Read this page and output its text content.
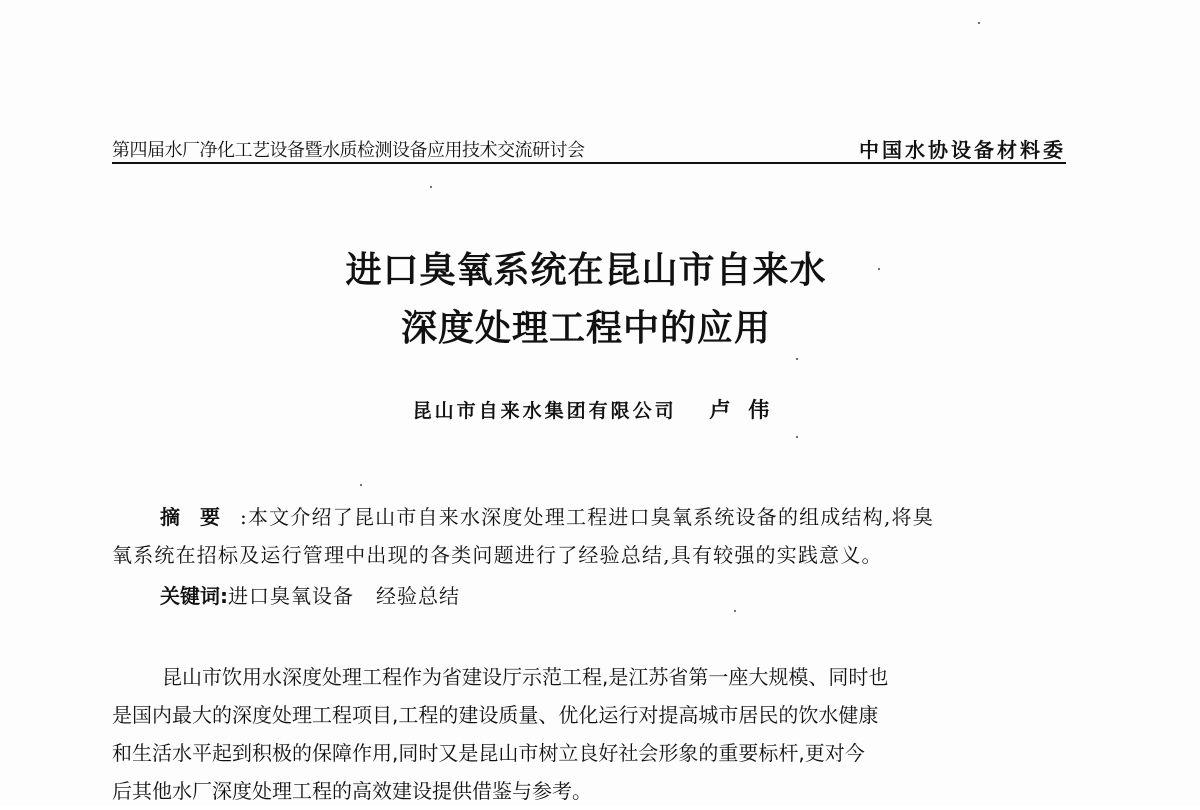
第四届水厂净化工艺设备暨水质检测设备应用技术交流研讨会	中国水协设备材料委
进口臭氧系统在昆山市自来水
深度处理工程中的应用
昆山市自来水集团有限公司 卢伟
摘要:本文介绍了昆山市自来水深度处理工程进口臭氧系统设备的组成结构,将臭
氧系统在招标及运行管理中出现的各类问题进行了经验总结,具有较强的实践意义。
关键词:进口臭氧设备 经验总结
昆山市饮用水深度处理工程作为省建设厅示范工程,是江苏省第一座大规模、同时也
是国内最大的深度处理工程项目,工程的建设质量、优化运行对提高城市居民的饮水健康
和生活水平起到积极的保障作用,同时又是昆山市树立良好社会形象的重要标杆,更对今
后其他水厂深度处理工程的高效建设提供借鉴与参考。
